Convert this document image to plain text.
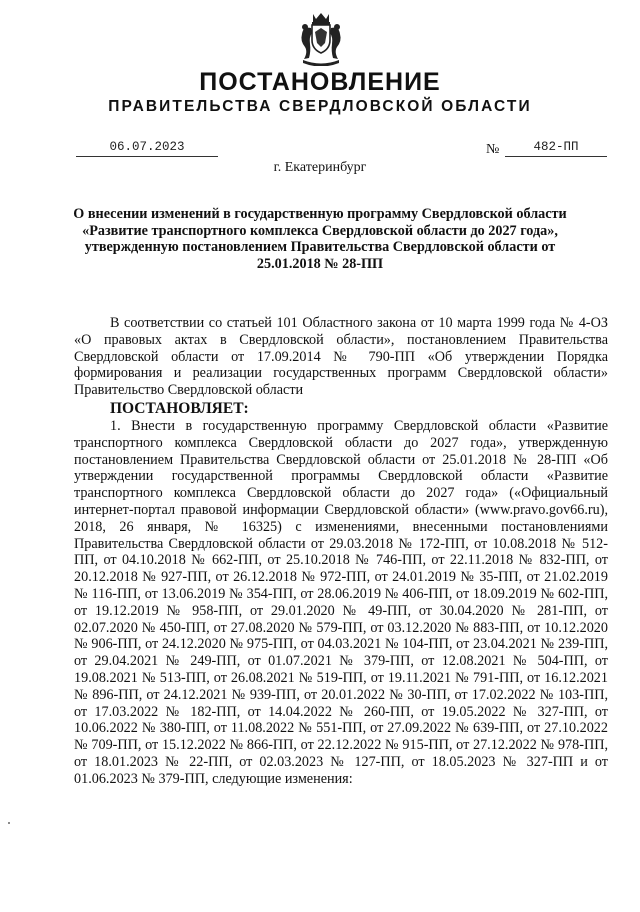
ПОСТАНОВЛЕНИЕ
ПРАВИТЕЛЬСТВА СВЕРДЛОВСКОЙ ОБЛАСТИ
06.07.2023	№	482-ПП
г. Екатеринбург
О внесении изменений в государственную программу Свердловской области «Развитие транспортного комплекса Свердловской области до 2027 года», утвержденную постановлением Правительства Свердловской области от 25.01.2018 № 28-ПП

В соответствии со статьей 101 Областного закона от 10 марта 1999 года № 4-ОЗ «О правовых актах в Свердловской области», постановлением Правительства Свердловской области от 17.09.2014 № 790-ПП «Об утверждении Порядка формирования и реализации государственных программ Свердловской области» Правительство Свердловской области

ПОСТАНОВЛЯЕТ:

1. Внести в государственную программу Свердловской области «Развитие транспортного комплекса Свердловской области до 2027 года», утвержденную постановлением Правительства Свердловской области от 25.01.2018 № 28-ПП «Об утверждении государственной программы Свердловской области «Развитие транспортного комплекса Свердловской области до 2027 года» («Официальный интернет-портал правовой информации Свердловской области» (www.pravo.gov66.ru), 2018, 26 января, № 16325) с изменениями, внесенными постановлениями Правительства Свердловской области от 29.03.2018 № 172-ПП, от 10.08.2018 № 512-ПП, от 04.10.2018 № 662-ПП, от 25.10.2018 № 746-ПП, от 22.11.2018 № 832-ПП, от 20.12.2018 № 927-ПП, от 26.12.2018 № 972-ПП, от 24.01.2019 № 35-ПП, от 21.02.2019 № 116-ПП, от 13.06.2019 № 354-ПП, от 28.06.2019 № 406-ПП, от 18.09.2019 № 602-ПП, от 19.12.2019 № 958-ПП, от 29.01.2020 № 49-ПП, от 30.04.2020 № 281-ПП, от 02.07.2020 № 450-ПП, от 27.08.2020 № 579-ПП, от 03.12.2020 № 883-ПП, от 10.12.2020 № 906-ПП, от 24.12.2020 № 975-ПП, от 04.03.2021 № 104-ПП, от 23.04.2021 № 239-ПП, от 29.04.2021 № 249-ПП, от 01.07.2021 № 379-ПП, от 12.08.2021 № 504-ПП, от 19.08.2021 № 513-ПП, от 26.08.2021 № 519-ПП, от 19.11.2021 № 791-ПП, от 16.12.2021 № 896-ПП, от 24.12.2021 № 939-ПП, от 20.01.2022 № 30-ПП, от 17.02.2022 № 103-ПП, от 17.03.2022 № 182-ПП, от 14.04.2022 № 260-ПП, от 19.05.2022 № 327-ПП, от 10.06.2022 № 380-ПП, от 11.08.2022 № 551-ПП, от 27.09.2022 № 639-ПП, от 27.10.2022 № 709-ПП, от 15.12.2022 № 866-ПП, от 22.12.2022 № 915-ПП, от 27.12.2022 № 978-ПП, от 18.01.2023 № 22-ПП, от 02.03.2023 № 127-ПП, от 18.05.2023 № 327-ПП и от 01.06.2023 № 379-ПП, следующие изменения:
